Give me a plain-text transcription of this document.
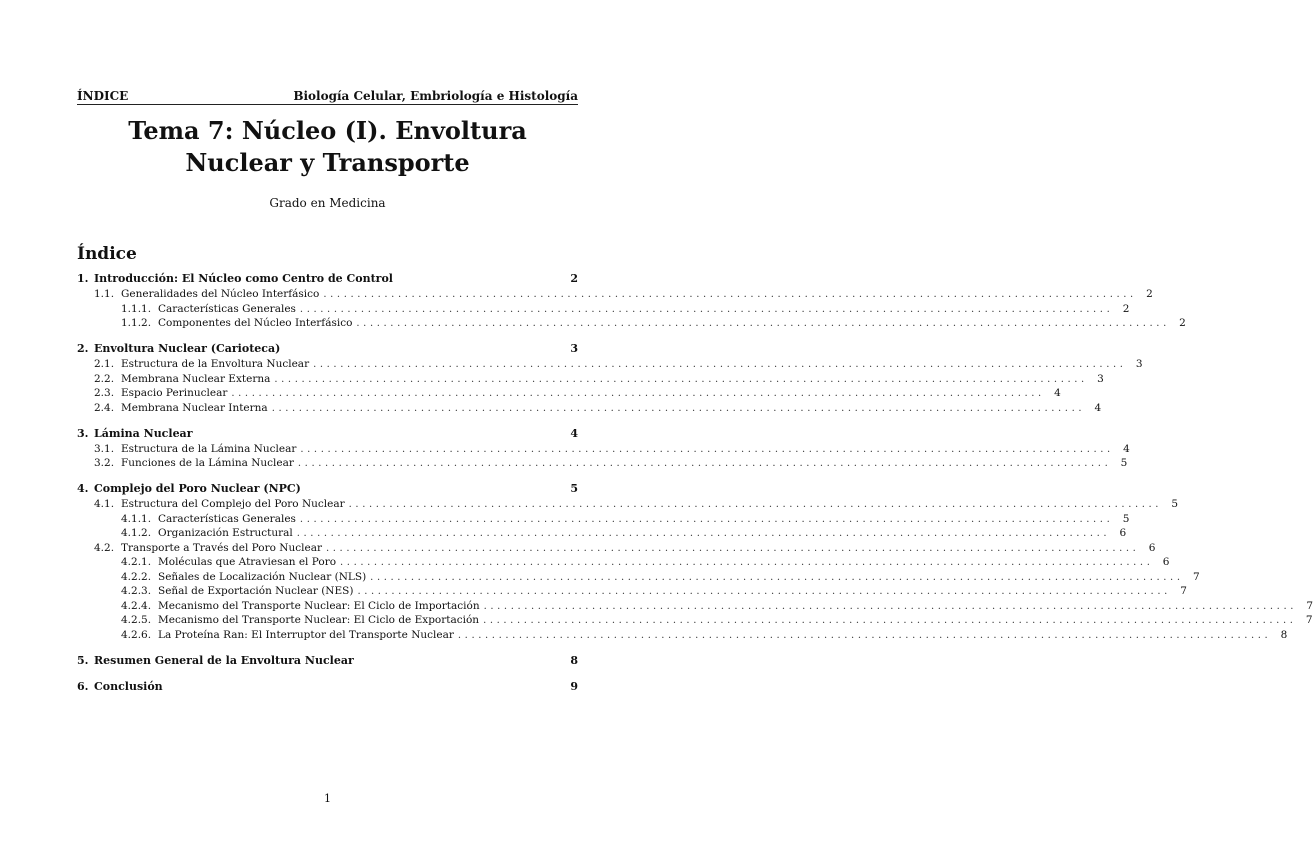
ÍNDICE	Biología Celular, Embriología e Histología
Tema 7: Núcleo (I). Envoltura
Nuclear y Transporte
Grado en Medicina
Índice
1. Introducción: El Núcleo como Centro de Control	2
1.1. Generalidades del Núcleo Interfásico ........................................................................................................................ 2
1.1.1. Características Generales ........................................................................................................................ 2
1.1.2. Componentes del Núcleo Interfásico ........................................................................................................................ 2
2. Envoltura Nuclear (Carioteca)	3
2.1. Estructura de la Envoltura Nuclear ........................................................................................................................ 3
2.2. Membrana Nuclear Externa ........................................................................................................................ 3
2.3. Espacio Perinuclear ........................................................................................................................ 4
2.4. Membrana Nuclear Interna ........................................................................................................................ 4
3. Lámina Nuclear	4
3.1. Estructura de la Lámina Nuclear ........................................................................................................................ 4
3.2. Funciones de la Lámina Nuclear ........................................................................................................................ 5
4. Complejo del Poro Nuclear (NPC)	5
4.1. Estructura del Complejo del Poro Nuclear ........................................................................................................................ 5
4.1.1. Características Generales ........................................................................................................................ 5
4.1.2. Organización Estructural ........................................................................................................................ 6
4.2. Transporte a Través del Poro Nuclear ........................................................................................................................ 6
4.2.1. Moléculas que Atraviesan el Poro ........................................................................................................................ 6
4.2.2. Señales de Localización Nuclear (NLS) ........................................................................................................................ 7
4.2.3. Señal de Exportación Nuclear (NES) ........................................................................................................................ 7
4.2.4. Mecanismo del Transporte Nuclear: El Ciclo de Importación ........................................................................................................................ 7
4.2.5. Mecanismo del Transporte Nuclear: El Ciclo de Exportación ........................................................................................................................ 7
4.2.6. La Proteína Ran: El Interruptor del Transporte Nuclear ........................................................................................................................ 8
5. Resumen General de la Envoltura Nuclear	8
6. Conclusión	9
1
